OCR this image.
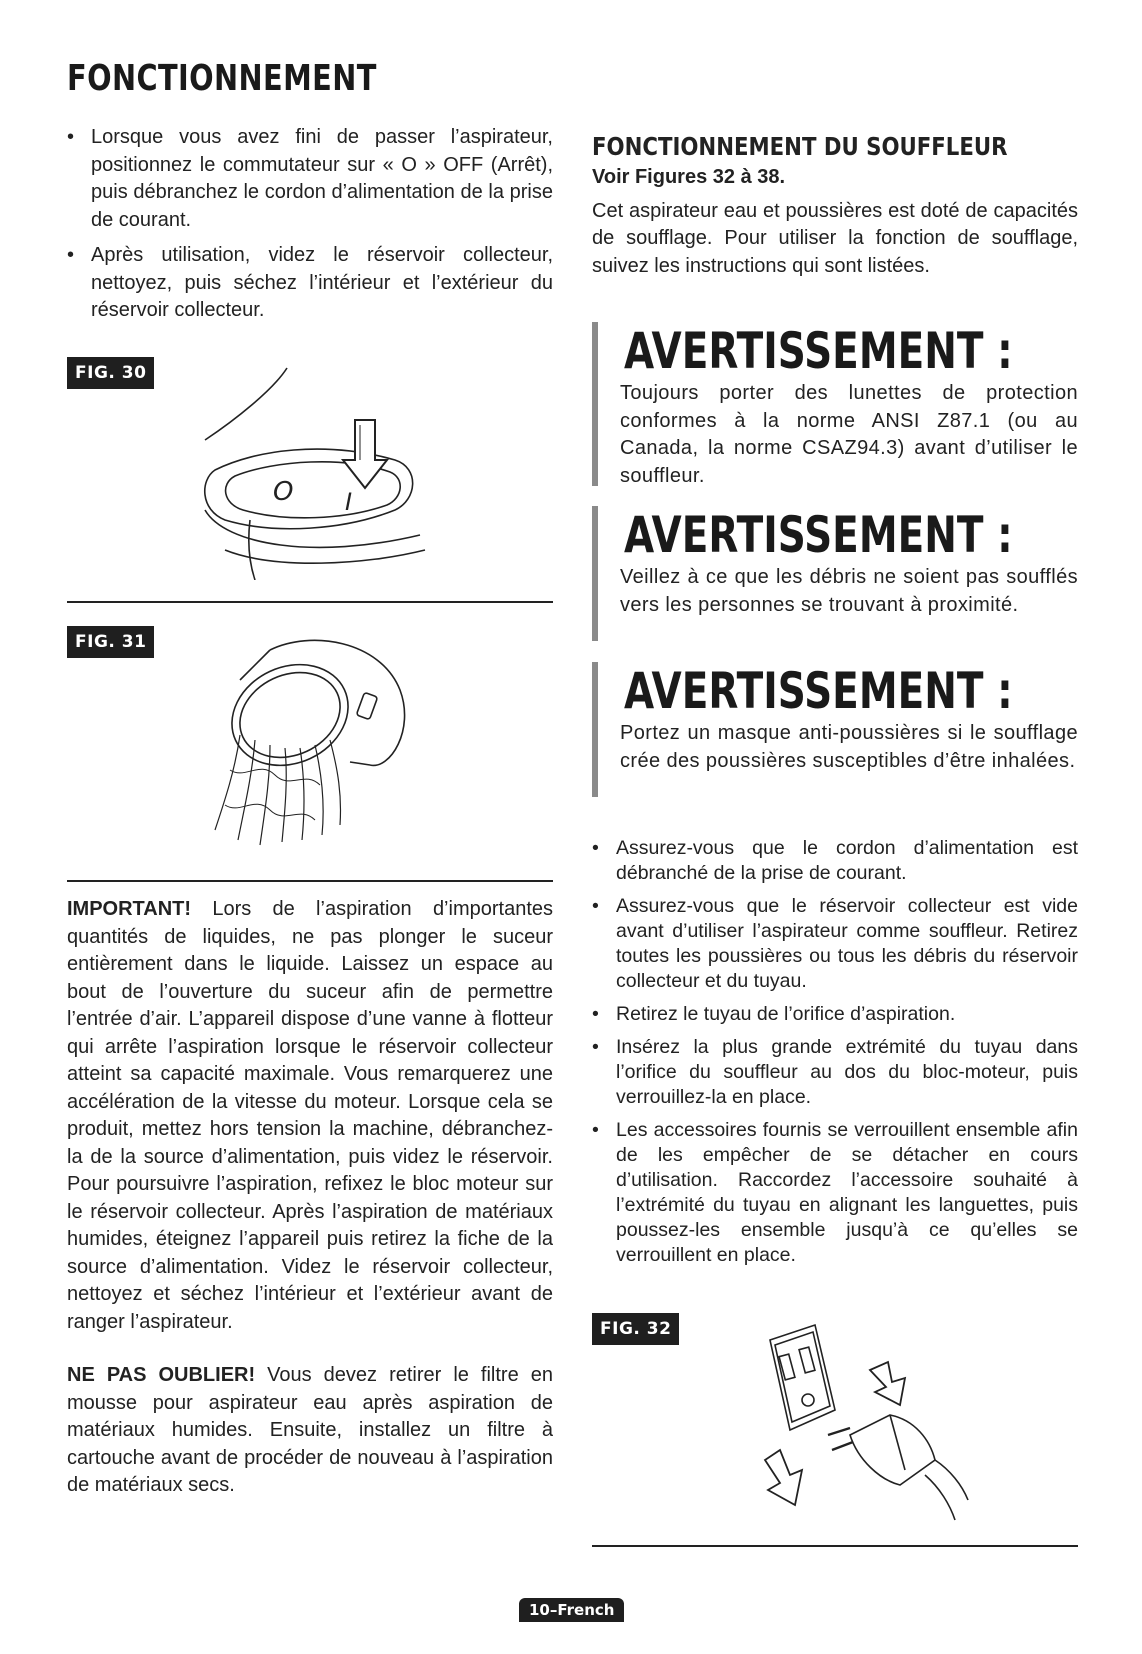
FONCTIONNEMENT
• Lorsque vous avez fini de passer l’aspirateur, positionnez le commutateur sur « O » OFF (Arrêt), puis débranchez le cordon d’alimentation de la prise de courant.
• Après utilisation, videz le réservoir collecteur, nettoyez, puis séchez l’intérieur et l’extérieur du réservoir collecteur.
FIG. 30
O I
FIG. 31

IMPORTANT! Lors de l’aspiration d’importantes quantités de liquides, ne pas plonger le suceur entièrement dans le liquide. Laissez un espace au bout de l’ouverture du suceur afin de permettre l’entrée d’air. L’appareil dispose d’une vanne à flotteur qui arrête l’aspiration lorsque le réservoir collecteur atteint sa capacité maximale. Vous remarquerez une accélération de la vitesse du moteur. Lorsque cela se produit, mettez hors tension la machine, débranchez-la de la source d’alimentation, puis videz le réservoir. Pour poursuivre l’aspiration, refixez le bloc moteur sur le réservoir collecteur. Après l’aspiration de matériaux humides, éteignez l’appareil puis retirez la fiche de la source d’alimentation. Videz le réservoir collecteur, nettoyez et séchez l’intérieur et l’extérieur avant de ranger l’aspirateur.

NE PAS OUBLIER! Vous devez retirer le filtre en mousse pour aspirateur eau après aspiration de matériaux humides. Ensuite, installez un filtre à cartouche avant de procéder de nouveau à l’aspiration de matériaux secs.

FONCTIONNEMENT DU SOUFFLEUR
Voir Figures 32 à 38.

Cet aspirateur eau et poussières est doté de capacités de soufflage. Pour utiliser la fonction de soufflage, suivez les instructions qui sont listées.

AVERTISSEMENT :
Toujours porter des lunettes de protection conformes à la norme ANSI Z87.1 (ou au Canada, la norme CSAZ94.3) avant d’utiliser le souffleur.
AVERTISSEMENT :
Veillez à ce que les débris ne soient pas soufflés vers les personnes se trouvant à proximité.
AVERTISSEMENT :
Portez un masque anti-poussières si le soufflage crée des poussières susceptibles d’être inhalées.
• Assurez-vous que le cordon d’alimentation est débranché de la prise de courant.
• Assurez-vous que le réservoir collecteur est vide avant d’utiliser l’aspirateur comme souffleur. Retirez toutes les poussières ou tous les débris du réservoir collecteur et du tuyau.
• Retirez le tuyau de l’orifice d’aspiration.
• Insérez la plus grande extrémité du tuyau dans l’orifice du souffleur au dos du bloc-moteur, puis verrouillez-la en place.
• Les accessoires fournis se verrouillent ensemble afin de les empêcher de se détacher en cours d’utilisation. Raccordez l’accessoire souhaité à l’extrémité du tuyau en alignant les languettes, puis poussez-les ensemble jusqu’à ce qu’elles se verrouillent en place.
FIG. 32
10–French
